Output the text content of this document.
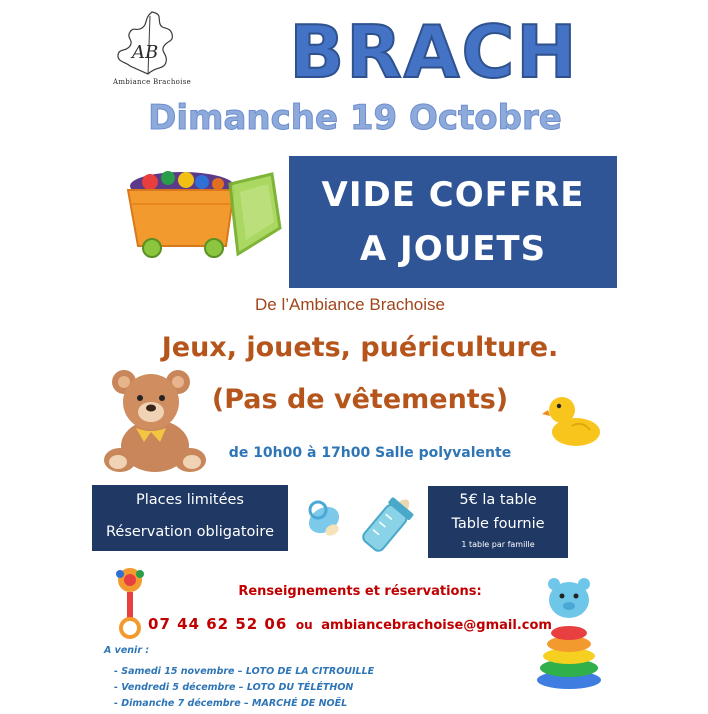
AB
Ambiance Brachoise	BRACH
Dimanche 19 Octobre
VIDE COFFRE
A JOUETS
De l’Ambiance Brachoise
Jeux, jouets, puériculture.
(Pas de vêtements)
de 10h00 à 17h00 Salle polyvalente
Places limitées
Réservation obligatoire
5€ la table
Table fournie
1 table par famille
Renseignements et réservations:
07 44 62 52 06 ou ambiancebrachoise@gmail.com
A venir :
- Samedi 15 novembre – LOTO DE LA CITROUILLE
- Vendredi 5 décembre – LOTO DU TÉLÉTHON
- Dimanche 7 décembre – MARCHÉ DE NOËL
